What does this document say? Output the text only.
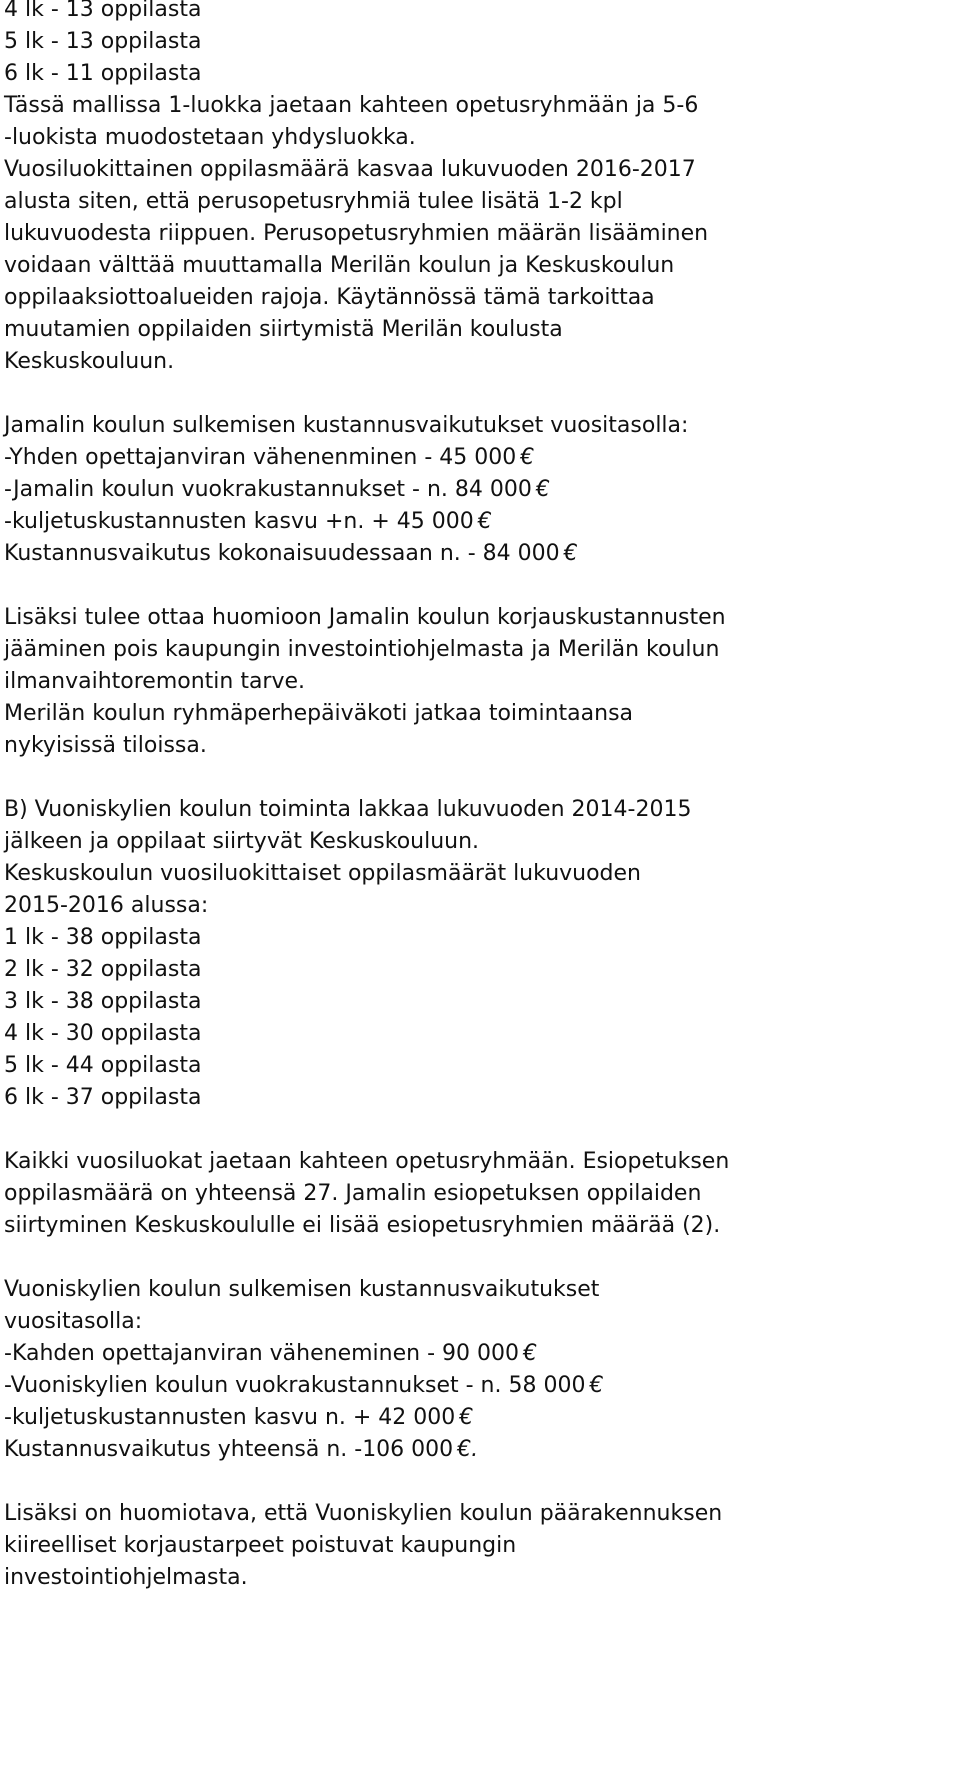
4 lk - 13 oppilasta
5 lk - 13 oppilasta
6 lk - 11 oppilasta
Tässä mallissa 1-luokka jaetaan kahteen opetusryhmään ja 5-6
-luokista muodostetaan yhdysluokka.
Vuosiluokittainen oppilasmäärä kasvaa lukuvuoden 2016-2017
alusta siten, että perusopetusryhmiä tulee lisätä 1-2 kpl
lukuvuodesta riippuen. Perusopetusryhmien määrän lisääminen
voidaan välttää muuttamalla Merilän koulun ja Keskuskoulun
oppilaaksiottoalueiden rajoja. Käytännössä tämä tarkoittaa
muutamien oppilaiden siirtymistä Merilän koulusta
Keskuskouluun.
Jamalin koulun sulkemisen kustannusvaikutukset vuositasolla:
-Yhden opettajanviran vähenenminen - 45 000 €
-Jamalin koulun vuokrakustannukset - n. 84 000 €
-kuljetuskustannusten kasvu +n. + 45 000 €
Kustannusvaikutus kokonaisuudessaan n. - 84 000 €
Lisäksi tulee ottaa huomioon Jamalin koulun korjauskustannusten
jääminen pois kaupungin investointiohjelmasta ja Merilän koulun
ilmanvaihtoremontin tarve.
Merilän koulun ryhmäperhepäiväkoti jatkaa toimintaansa
nykyisissä tiloissa.
B) Vuoniskylien koulun toiminta lakkaa lukuvuoden 2014-2015
jälkeen ja oppilaat siirtyvät Keskuskouluun.
Keskuskoulun vuosiluokittaiset oppilasmäärät lukuvuoden
2015-2016 alussa:
1 lk - 38 oppilasta
2 lk - 32 oppilasta
3 lk - 38 oppilasta
4 lk - 30 oppilasta
5 lk - 44 oppilasta
6 lk - 37 oppilasta
Kaikki vuosiluokat jaetaan kahteen opetusryhmään. Esiopetuksen
oppilasmäärä on yhteensä 27. Jamalin esiopetuksen oppilaiden
siirtyminen Keskuskoululle ei lisää esiopetusryhmien määrää (2).
Vuoniskylien koulun sulkemisen kustannusvaikutukset
vuositasolla:
-Kahden opettajanviran väheneminen - 90 000 €
-Vuoniskylien koulun vuokrakustannukset - n. 58 000 €
-kuljetuskustannusten kasvu n. + 42 000 €
Kustannusvaikutus yhteensä n. -106 000 €.
Lisäksi on huomiotava, että Vuoniskylien koulun päärakennuksen
kiireelliset korjaustarpeet poistuvat kaupungin
investointiohjelmasta.
